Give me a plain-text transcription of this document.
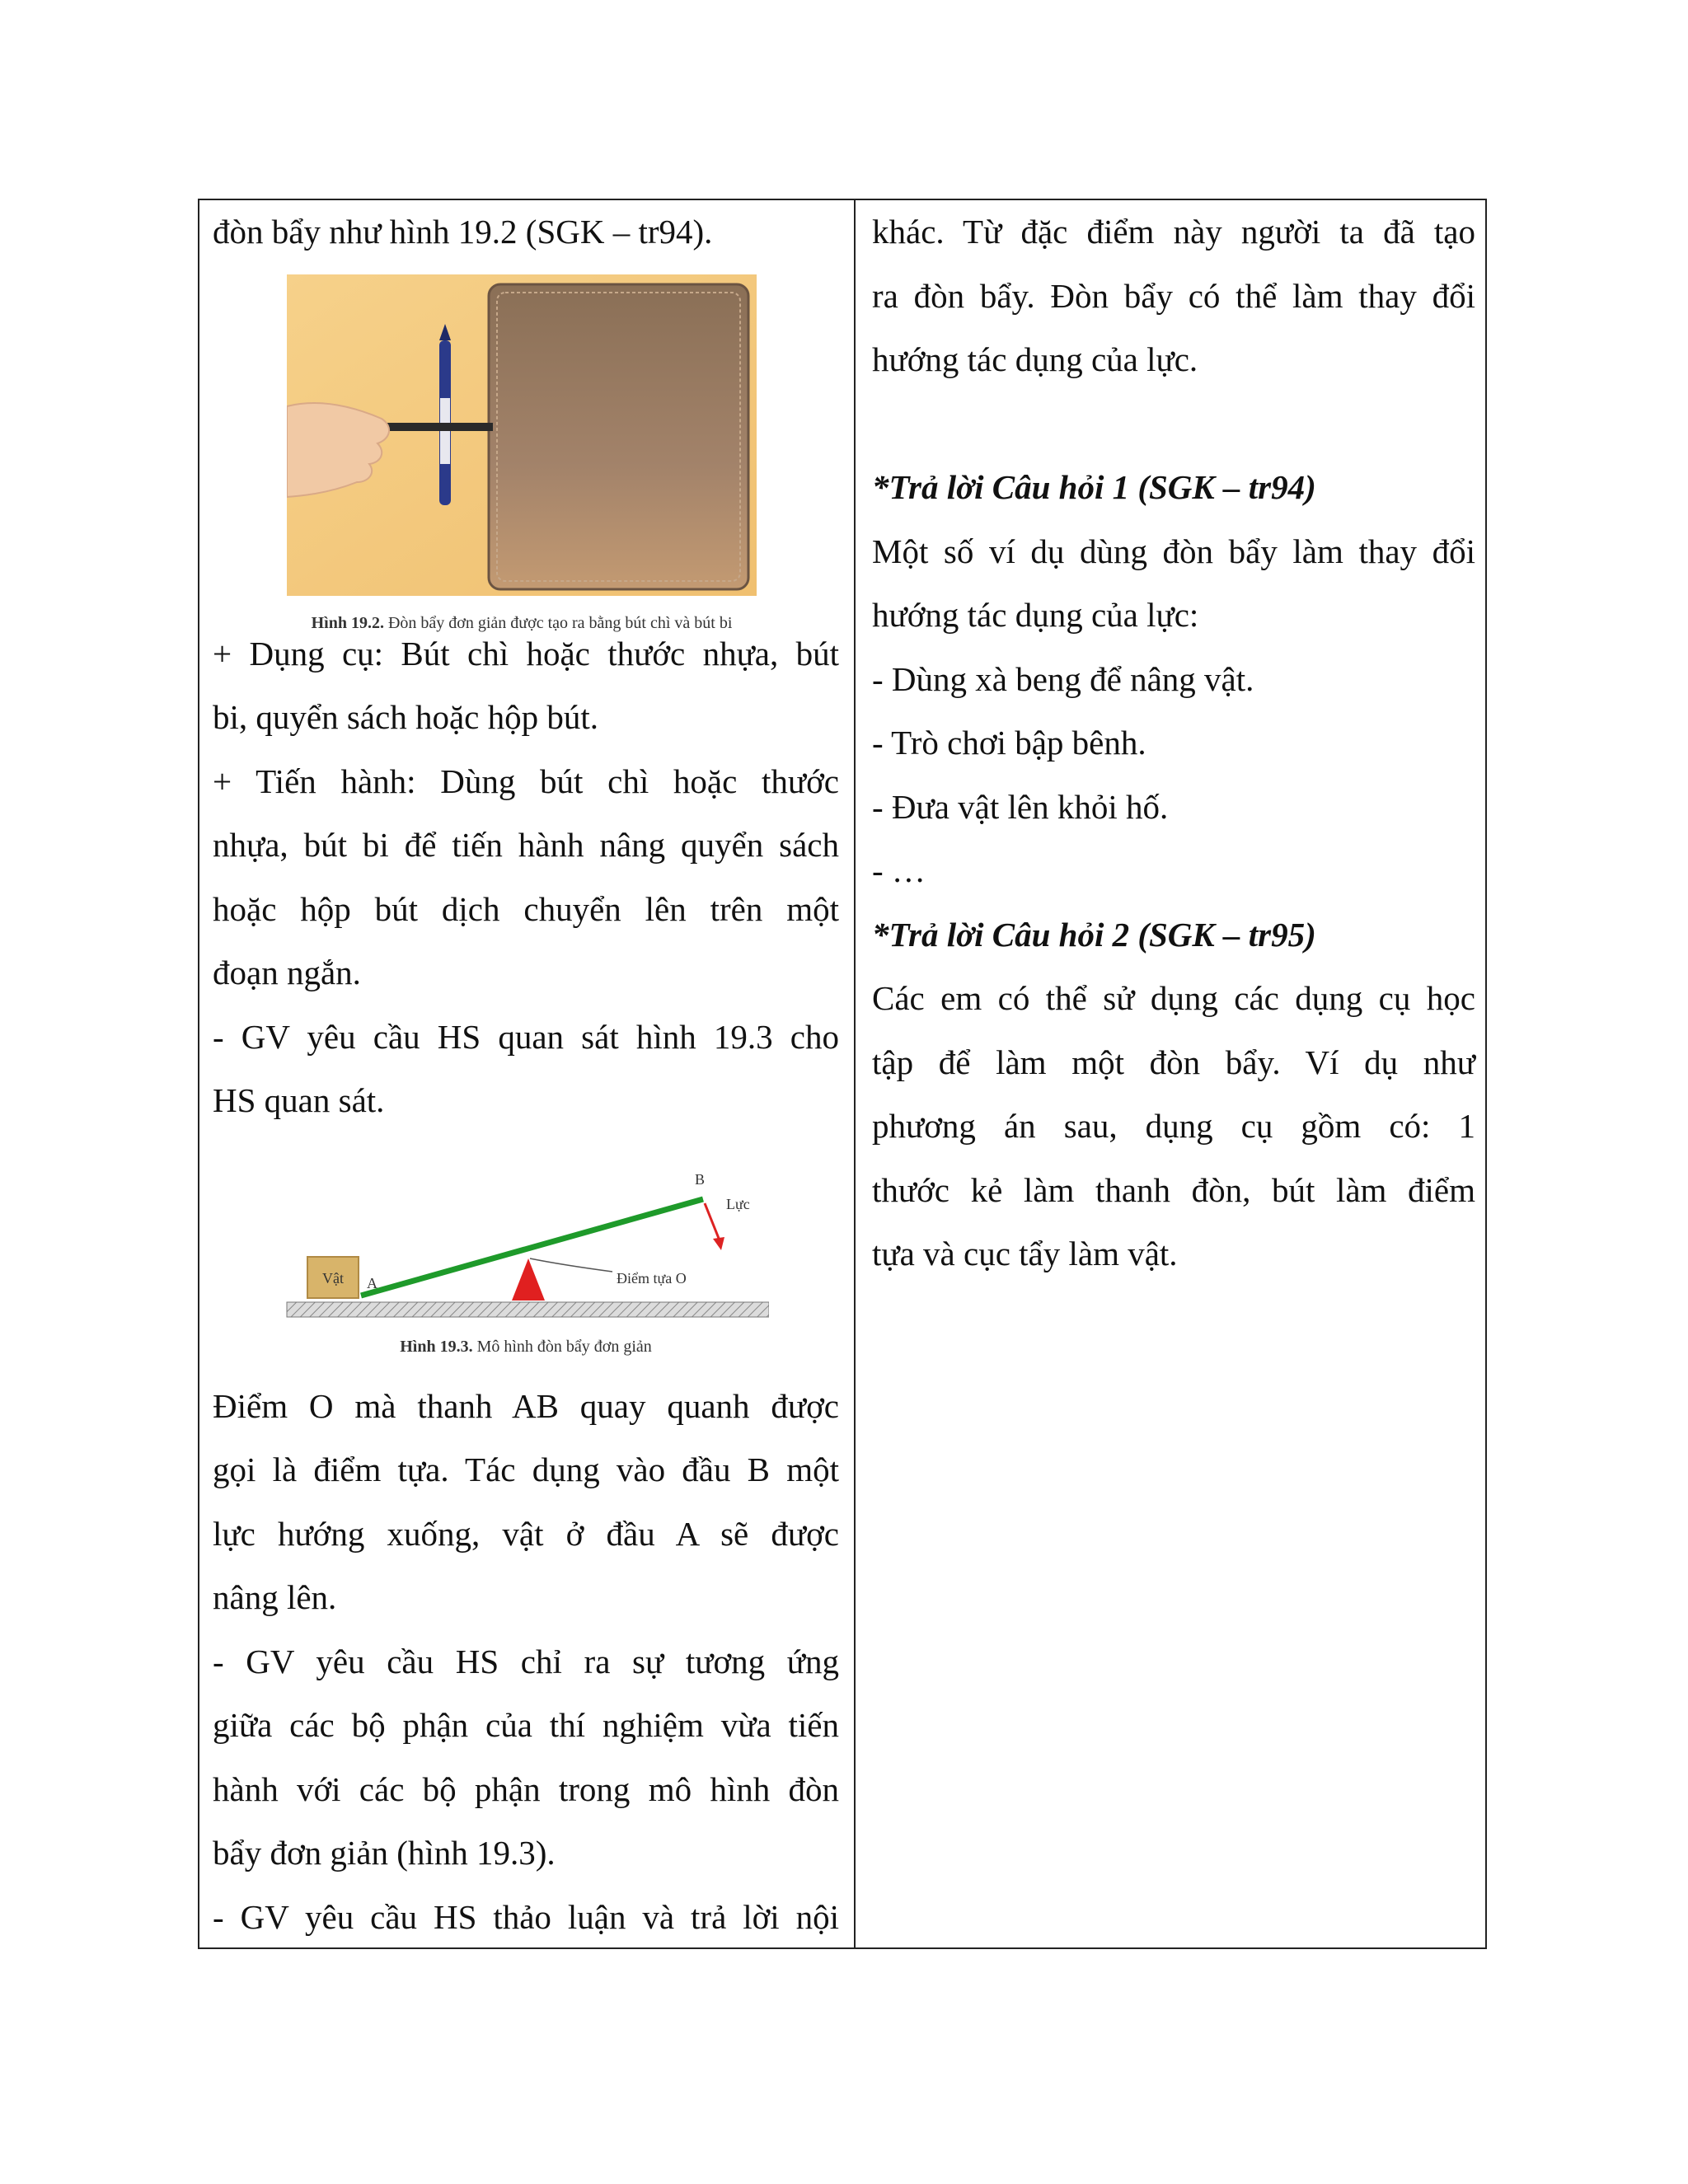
đòn bẩy như hình 19.2 (SGK – tr94).

Hình 19.2. Đòn bẩy đơn giản được tạo ra bằng bút chì và bút bi

+ Dụng cụ: Bút chì hoặc thước nhựa, bút

bi, quyển sách hoặc hộp bút.

+ Tiến hành: Dùng bút chì hoặc thước

nhựa, bút bi để tiến hành nâng quyển sách

hoặc hộp bút dịch chuyển lên trên một

đoạn ngắn.

- GV yêu cầu HS quan sát hình 19.3 cho

HS quan sát.

Vật A
B
Lực
Điểm tựa O
Hình 19.3. Mô hình đòn bẩy đơn giản

Điểm O mà thanh AB quay quanh được

gọi là điểm tựa. Tác dụng vào đầu B một

lực hướng xuống, vật ở đầu A sẽ được

nâng lên.

- GV yêu cầu HS chỉ ra sự tương ứng

giữa các bộ phận của thí nghiệm vừa tiến

hành với các bộ phận trong mô hình đòn

bẩy đơn giản (hình 19.3).

- GV yêu cầu HS thảo luận và trả lời nội

khác. Từ đặc điểm này người ta đã tạo

ra đòn bẩy. Đòn bẩy có thể làm thay đổi

hướng tác dụng của lực.

*Trả lời Câu hỏi 1 (SGK – tr94)

Một số ví dụ dùng đòn bẩy làm thay đổi

hướng tác dụng của lực:

- Dùng xà beng để nâng vật.

- Trò chơi bập bênh.

- Đưa vật lên khỏi hố.

- …

*Trả lời Câu hỏi 2 (SGK – tr95)

Các em có thể sử dụng các dụng cụ học

tập để làm một đòn bẩy. Ví dụ như

phương án sau, dụng cụ gồm có: 1

thước kẻ làm thanh đòn, bút làm điểm

tựa và cục tẩy làm vật.
